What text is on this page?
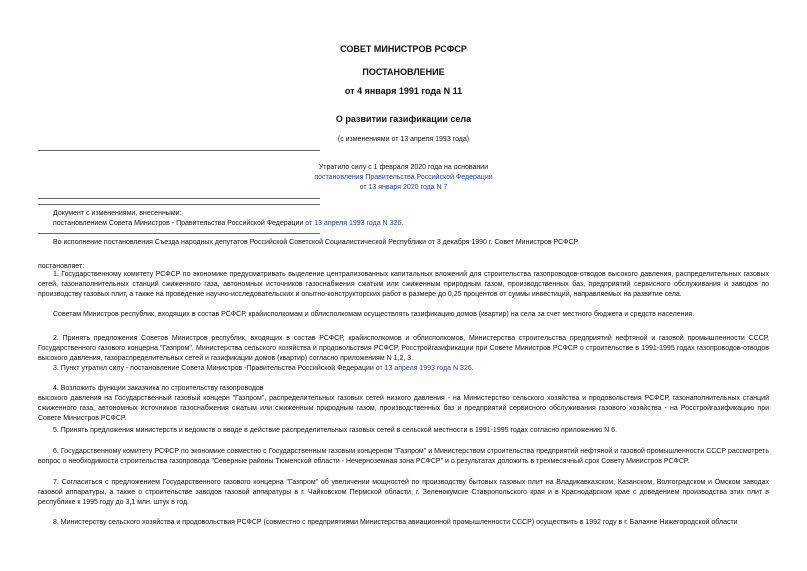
СОВЕТ МИНИСТРОВ РСФСР
ПОСТАНОВЛЕНИЕ
от 4 января 1991 года N 11
О развитии газификации села
(с изменениями от 13 апреля 1993 года)
Утратило силу с 1 февраля 2020 года на основании
постановления Правительства Российской Федерации
от 13 января 2020 года N 7
Документ с изменениями, внесенными:
постановлением Совета Министров - Правительства Российской Федерации от 13 апреля 1993 года N 326.
Во исполнение постановления Съезда народных депутатов Российской Советской Социалистической Республики от 3 декабря 1990 г. Совет Министров РСФСР
постановляет:
1. Государственному комитету РСФСР по экономике предусматривать выделение централизованных капитальных вложений для строительства газопроводов-отводов высокого давления, распределительных газовых сетей, газонаполнительных станций сжиженного газа, автономных источников газоснабжения сжатым или сжиженным природным газом, производственных баз, предприятий сервисного обслуживания и заводов по производству газовых плит, а также на проведение научно-исследовательских и опытно-конструкторских работ в размере до 0,25 процентов от суммы инвестиций, направляемых на развитие села.
Советам Министров республик, входящих в состав РСФСР, крайисполкомам и облисполкомам осуществлять газификацию домов (квартир) на села за счет местного бюджета и средств населения.
2. Принять предложения Советов Министров республик, входящих в состав РСФСР, крайисполкомов и облисполкомов, Министерства строительства предприятий нефтяной и газовой промышленности СССР, Государственного газового концерна "Газпром", Министерства сельского хозяйства и продовольствия РСФСР, Росстройгазификации при Совете Министров РСФСР о строительстве в 1991-1995 годах газопроводов-отводов высокого давления, газораспределительных сетей и газификации домов (квартир) согласно приложениям N 1,2, 3.
3. Пункт утратил силу - постановление Совета Министров -Правительства Российской Федерации от 13 апреля 1993 года N 326.
4. Возложить функции заказчика по строительству газопроводов
высокого давления на Государственный газовый концерн "Газпром", распределительных газовых сетей низкого давления - на Министерство сельского хозяйства и продовольствия РСФСР, газонаполнительных станций сжиженного газа, автономных источников газоснабжения сжатым или сжиженным природным газом, производственных баз и предприятий сервисного обслуживания газового хозяйства - на Росстройгазификацию при Совете Министров РСФСР.
5. Принять предложения министерств и ведомств о вводе в действие распределительных газовых сетей в сельской местности в 1991-1995 годах согласно приложению N 6.
6. Государственному комитету РСФСР по экономике совместно с Государственным газовым концерном "Газпром" и Министерством строительства предприятий нефтяной и газовой промышленности СССР рассмотреть вопрос о необходимости строительства газопровода "Северные районы Тюменской области - Нечерноземная зона РСФСР" и о результатах доложить в трехмесячный срок Совету Министров РСФСР.
7. Согласиться с предложением Государственного газового концерна "Газпром" об увеличении мощностей по производству бытовых газовых плит на Владикавказском, Казанском, Волгоградском и Омском заводах газовой аппаратуры, а также о строительстве заводов газовой аппаратуры в г. Чайковском Пермской области, г. Зеленокумске Ставропольского края и в Краснодарском крае с доведением производства этих плит в республике к 1995 году до 3,1 млн. штук в год.
8. Министерству сельского хозяйства и продовольствия РСФСР (совместно с предприятиями Министерства авиационной промышленности СССР) осуществить в 1992 году в г. Балахне Нижегородской области
